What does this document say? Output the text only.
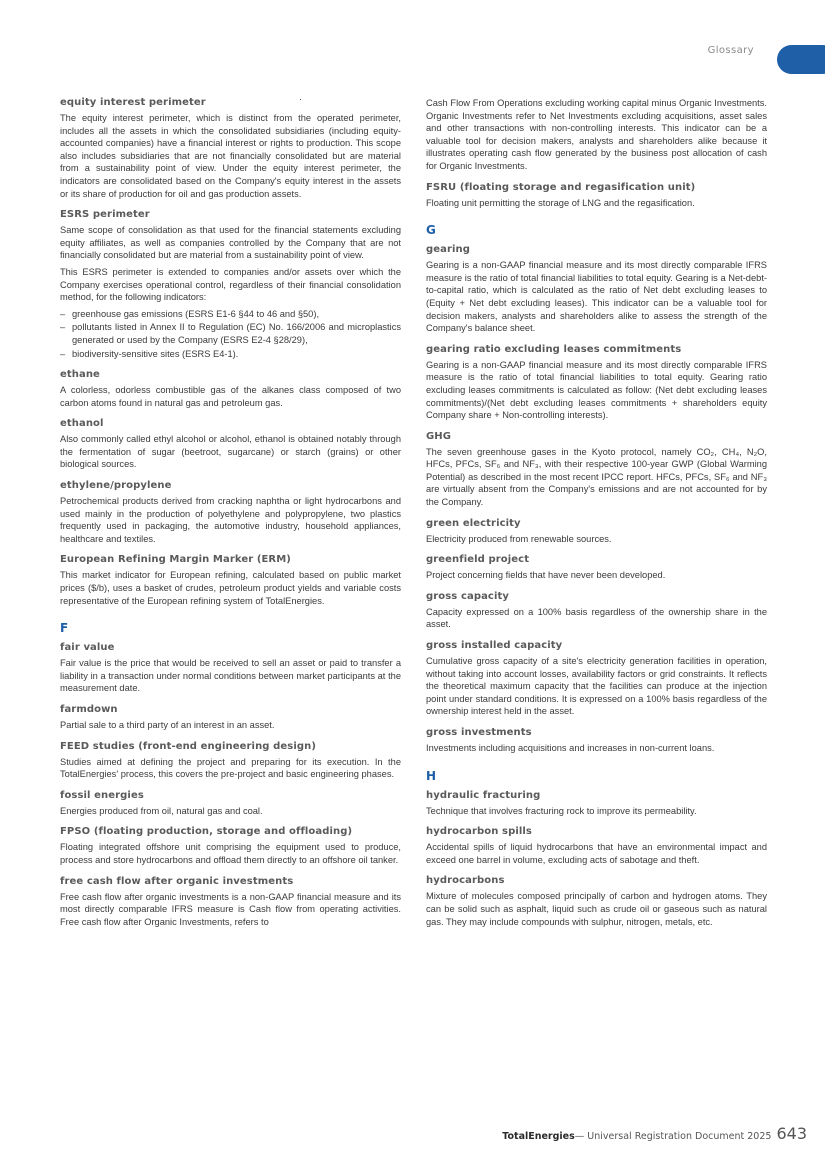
Glossary
equity interest perimeter

The equity interest perimeter, which is distinct from the operated perimeter, includes all the assets in which the consolidated subsidiaries (including equity-accounted companies) have a financial interest or rights to production. This scope also includes subsidiaries that are not financially consolidated but are material from a sustainability point of view. Under the equity interest perimeter, the indicators are consolidated based on the Company's equity interest in the assets or its share of production for oil and gas production assets.

ESRS perimeter

Same scope of consolidation as that used for the financial statements excluding equity affiliates, as well as companies controlled by the Company that are not financially consolidated but are material from a sustainability point of view.

This ESRS perimeter is extended to companies and/or assets over which the Company exercises operational control, regardless of their financial consolidation method, for the following indicators:

– greenhouse gas emissions (ESRS E1-6 §44 to 46 and §50),
– pollutants listed in Annex II to Regulation (EC) No. 166/2006 and microplastics generated or used by the Company (ESRS E2-4 §28/29),
– biodiversity-sensitive sites (ESRS E4-1).
ethane

A colorless, odorless combustible gas of the alkanes class composed of two carbon atoms found in natural gas and petroleum gas.

ethanol

Also commonly called ethyl alcohol or alcohol, ethanol is obtained notably through the fermentation of sugar (beetroot, sugarcane) or starch (grains) or other biological sources.

ethylene/propylene

Petrochemical products derived from cracking naphtha or light hydrocarbons and used mainly in the production of polyethylene and polypropylene, two plastics frequently used in packaging, the automotive industry, household appliances, healthcare and textiles.

European Refining Margin Marker (ERM)

This market indicator for European refining, calculated based on public market prices ($/b), uses a basket of crudes, petroleum product yields and variable costs representative of the European refining system of TotalEnergies.

F
fair value

Fair value is the price that would be received to sell an asset or paid to transfer a liability in a transaction under normal conditions between market participants at the measurement date.

farmdown

Partial sale to a third party of an interest in an asset.

FEED studies (front-end engineering design)

Studies aimed at defining the project and preparing for its execution. In the TotalEnergies' process, this covers the pre-project and basic engineering phases.

fossil energies

Energies produced from oil, natural gas and coal.

FPSO (floating production, storage and offloading)

Floating integrated offshore unit comprising the equipment used to produce, process and store hydrocarbons and offload them directly to an offshore oil tanker.

free cash flow after organic investments

Free cash flow after organic investments is a non-GAAP financial measure and its most directly comparable IFRS measure is Cash flow from operating activities. Free cash flow after Organic Investments, refers to

Cash Flow From Operations excluding working capital minus Organic Investments. Organic Investments refer to Net Investments excluding acquisitions, asset sales and other transactions with non-controlling interests. This indicator can be a valuable tool for decision makers, analysts and shareholders alike because it illustrates operating cash flow generated by the business post allocation of cash for Organic Investments.

FSRU (floating storage and regasification unit)

Floating unit permitting the storage of LNG and the regasification.

G
gearing

Gearing is a non-GAAP financial measure and its most directly comparable IFRS measure is the ratio of total financial liabilities to total equity. Gearing is a Net-debt-to-capital ratio, which is calculated as the ratio of Net debt excluding leases to (Equity + Net debt excluding leases). This indicator can be a valuable tool for decision makers, analysts and shareholders alike to assess the strength of the Company's balance sheet.

gearing ratio excluding leases commitments

Gearing is a non-GAAP financial measure and its most directly comparable IFRS measure is the ratio of total financial liabilities to total equity. Gearing ratio excluding leases commitments is calculated as follow: (Net debt excluding leases commitments)/(Net debt excluding leases commitments + shareholders equity Company share + Non-controlling interests).

GHG

The seven greenhouse gases in the Kyoto protocol, namely CO₂, CH₄, N₂O, HFCs, PFCs, SF₆ and NF₃, with their respective 100-year GWP (Global Warming Potential) as described in the most recent IPCC report. HFCs, PFCs, SF₆ and NF₃ are virtually absent from the Company's emissions and are not accounted for by the Company.

green electricity

Electricity produced from renewable sources.

greenfield project

Project concerning fields that have never been developed.

gross capacity

Capacity expressed on a 100% basis regardless of the ownership share in the asset.

gross installed capacity

Cumulative gross capacity of a site's electricity generation facilities in operation, without taking into account losses, availability factors or grid constraints. It reflects the theoretical maximum capacity that the facilities can produce at the injection point under standard conditions. It is expressed on a 100% basis regardless of the ownership interest held in the asset.

gross investments

Investments including acquisitions and increases in non-current loans.

H
hydraulic fracturing

Technique that involves fracturing rock to improve its permeability.

hydrocarbon spills

Accidental spills of liquid hydrocarbons that have an environmental impact and exceed one barrel in volume, excluding acts of sabotage and theft.

hydrocarbons

Mixture of molecules composed principally of carbon and hydrogen atoms. They can be solid such as asphalt, liquid such as crude oil or gaseous such as natural gas. They may include compounds with sulphur, nitrogen, metals, etc.

TotalEnergies — Universal Registration Document 2025 643
